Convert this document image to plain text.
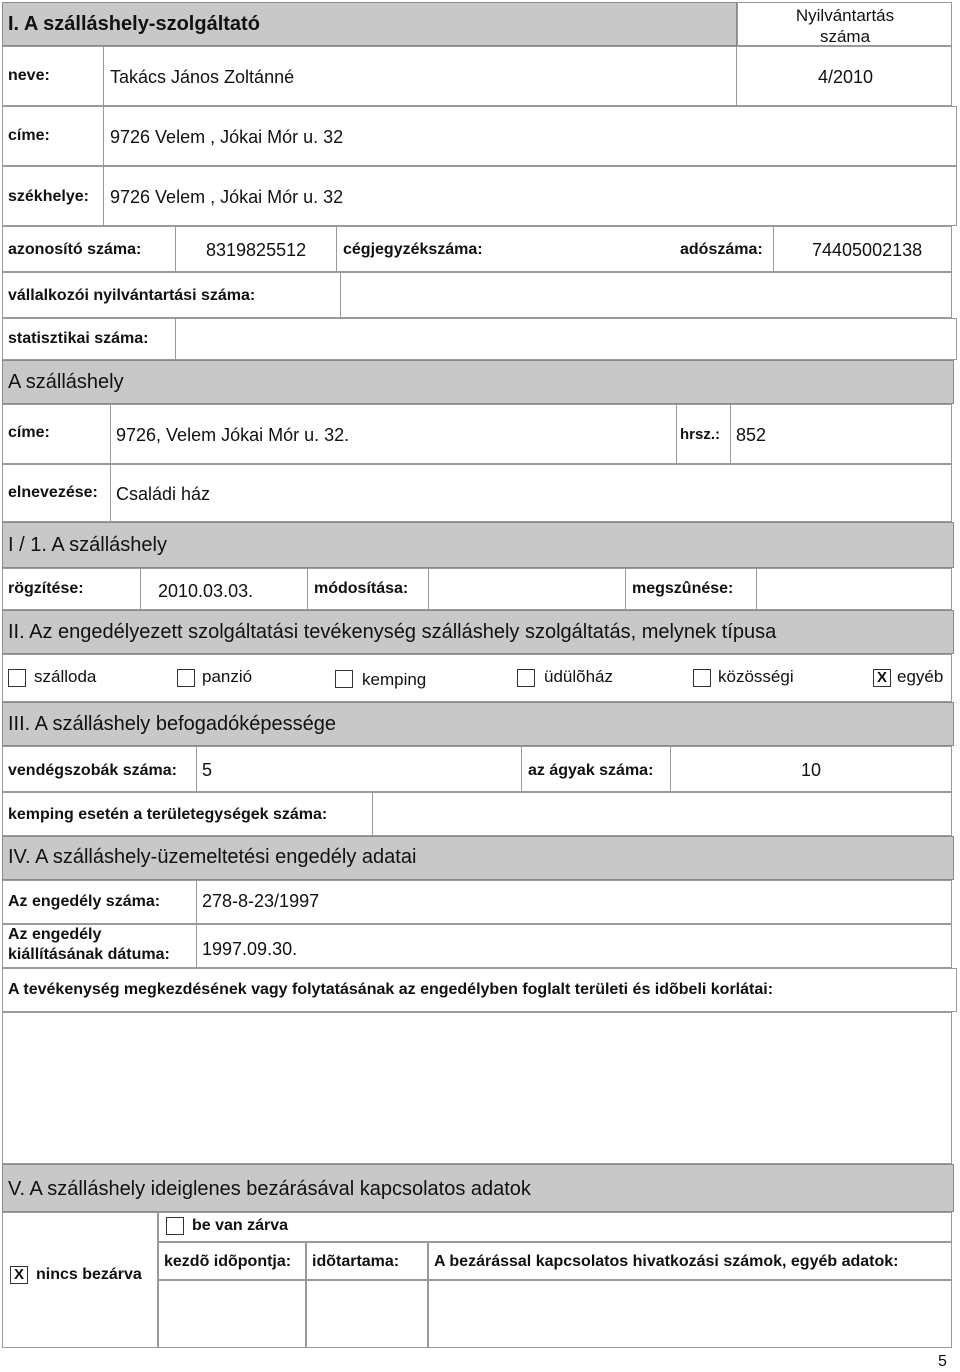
I. A szálláshely-szolgáltató	Nyilvántartás száma
neve:	Takács János Zoltánné	4/2010
címe:	9726 Velem , Jókai Mór u. 32
székhelye: 9726 Velem , Jókai Mór u. 32
azonosító száma:	8319825512 cégjegyzékszáma:	adószáma:	74405002138
vállalkozói nyilvántartási száma:
statisztikai száma:
A szálláshely
címe:	9726, Velem Jókai Mór u. 32.	hrsz.: 852
elnevezése: Családi ház
I / 1. A szálláshely
rögzítése:	2010.03.03.	módosítása:	megszûnése:
II. Az engedélyezett szolgáltatási tevékenység szálláshely szolgáltatás, melynek típusa
szálloda	panzió	kemping	üdülõház	közösségi	X egyéb
III. A szálláshely befogadóképessége
vendégszobák száma: 5	az ágyak száma:	10
kemping esetén a területegységek száma:
IV. A szálláshely-üzemeltetési engedély adatai
Az engedély száma: 278-8-23/1997
Az engedély
kiállításának dátuma: 1997.09.30.
A tevékenység megkezdésének vagy folytatásának az engedélyben foglalt területi és idõbeli korlátai:
V. A szálláshely ideiglenes bezárásával kapcsolatos adatok
be van zárva
X nincs bezárva
kezdõ idõpontja: idõtartama: A bezárással kapcsolatos hivatkozási számok, egyéb adatok:
5
